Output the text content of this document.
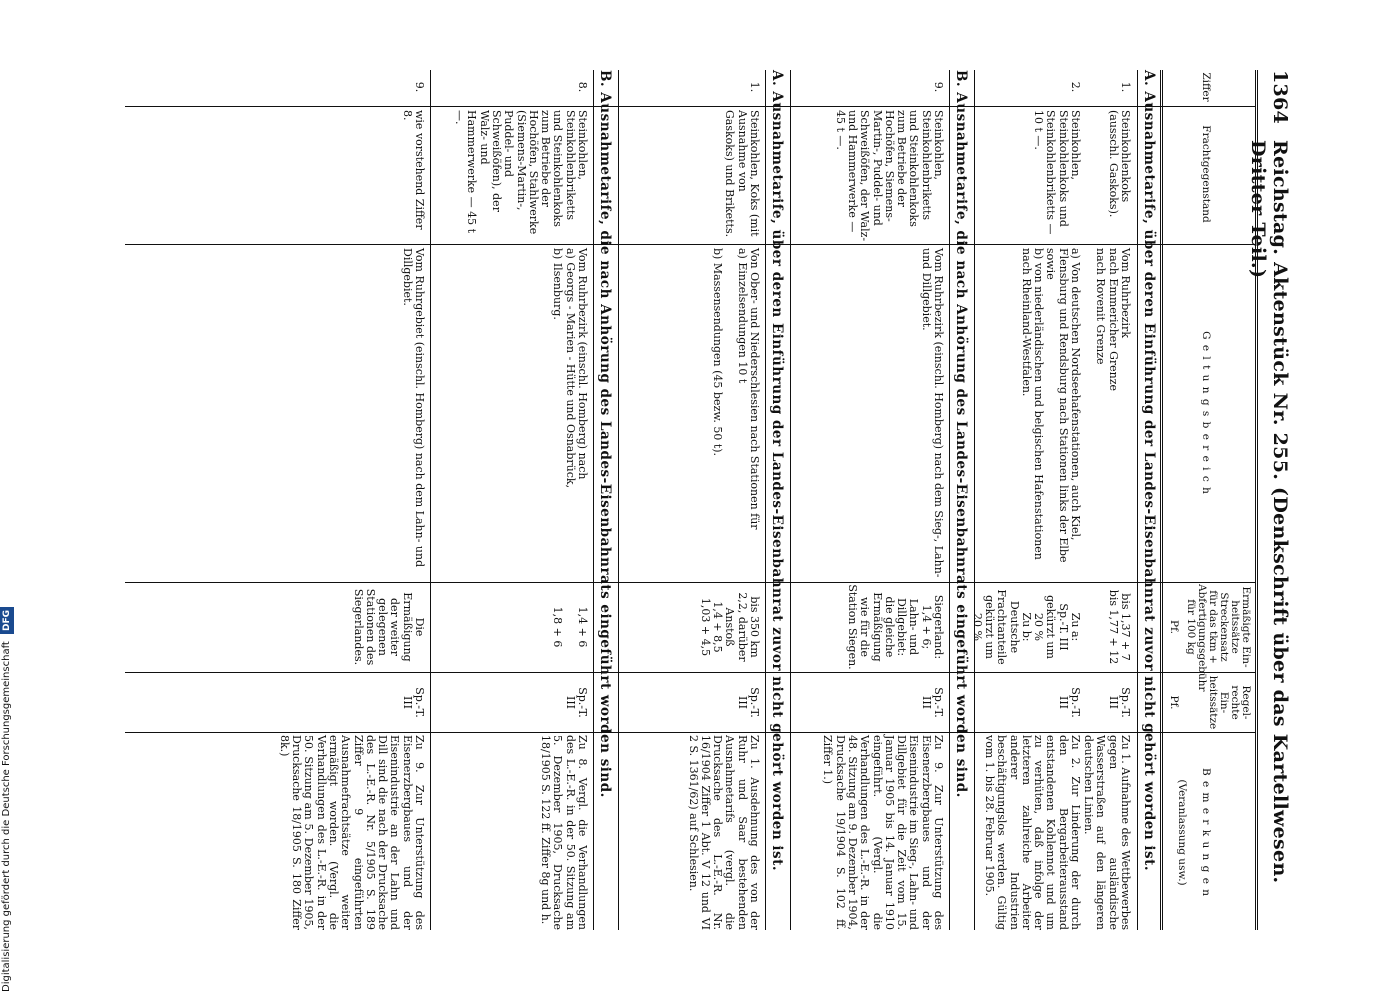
1364
Reichstag. Aktenstück Nr. 255. (Denkschrift über das Kartellwesen. Dritter Teil.)
Ziffer
Frachtgegenstand
G e l t u n g s b e r e i c h
Ermäßigte Ein- heitssätze Streckensatz für das tkm + Abfertigungsgebühr für 100 kg
Regel- rechte Ein- heitssätze
Pf.
Pf.
B e m e r k u n g e n
(Veranlassung usw.)
A. Ausnahmetarife, über deren Einführung der Landes-Eisenbahnrat zuvor nicht gehört worden ist.
1.
Steinkohlenkoks (ausschl. Gaskoks).
Vom Ruhrbezirk
nach Emmericher Grenze
nach Rovenit Grenze
bis 1,37 + 7
bis 1,77 + 12
Sp.-T.
III
Zu 1. Aufnahme des Wettbewerbes gegen ausländische Wasserstraßen auf den längeren deutschen Linien.
2.
Steinkohlen, Steinkohlenkoks und Steinkohlenbriketts — 10 t —.
a) Von deutschen Nordseehafenstationen, auch Kiel, Flensburg und Rendsburg nach Stationen links der Elbe sowie
b) von niederländischen und belgischen Hafenstationen nach Rheinland-Westfalen.
Zu a:
Sp.-T. III gekürzt um
20 %
Zu b:
Deutsche Frachtanteile gekürzt um
20 %
Sp.-T.
III
Zu 2. Zur Linderung der durch den Bergarbeiterausstand entstandenen Kohlennot und um zu verhüten, daß infolge der letzteren zahlreiche Arbeiter anderer Industrien beschäftigungslos werden. Gültig vom 1. bis 28. Februar 1905.
B. Ausnahmetarife, die nach Anhörung des Landes-Eisenbahnrats eingeführt worden sind.
9.
Steinkohlen, Steinkohlenbriketts und Steinkohlenkoks zum Betriebe der Hochöfen, Siemens-Martin-, Puddel- und Schweißöfen, der Walz- und Hammerwerke — 45 t —.
Vom Ruhrbezirk (einschl. Homberg) nach dem Sieg-, Lahn- und Dillgebiet.
Siegerland:
1,4 + 6;
Lahn- und Dillgebiet:
die gleiche Ermäßigung wie für die Station Siegen.
Sp.-T.
III
Zu 9. Zur Unterstützung des Eisenerzbergbaues und der Eisenindustrie im Sieg-, Lahn- und Dillgebiet für die Zeit vom 15. Januar 1905 bis 14. Januar 1910 eingeführt. (Vergl. die Verhandlungen des L.-E.-R. in der 48. Sitzung am 9. Dezember 1904, Drucksache 19/1904 S. 102 ff. Ziffer 1.)
A. Ausnahmetarife, über deren Einführung der Landes-Eisenbahnrat zuvor nicht gehört worden ist.
1.
Steinkohlen, Koks (mit Ausnahme von Gaskoks) und Briketts.
Von Ober- und Niederschlesien nach Stationen für
a) Einzelsendungen 10 t

b) Massensendungen (45 bezw. 50 t).
bis 350 km
2,2, darüber
Anstoß
1,4 + 8,5
1,03 + 4,5
Sp.-T.
III
Zu 1. Ausdehnung des von der Ruhr und Saar bestehenden Ausnahmetarifs (vergl. die Drucksache des L.-E.-R. Nr. 16/1904 Ziffer 1 Abt. V 12 und VI 2 S. 1361/62) auf Schlesien.
B. Ausnahmetarife, die nach Anhörung des Landes-Eisenbahnrats eingeführt worden sind.
8.
Steinkohlen, Steinkohlenbriketts und Steinkohlenkoks zum Betriebe der Hochöfen, Stahlwerke (Siemens-Martin-, Puddel- und Schweißöfen), der Walz- und Hammerwerke — 45 t —.
Vom Ruhrbezirk (einschl. Homberg) nach
a) Georgs - Marien - Hütte und Osnabrück,
b) Ilsenburg.
1,4 + 6

1,8 + 6
Sp.-T.
III
Zu 8. Vergl. die Verhandlungen des L.-E.-R. in der 50. Sitzung am 5. Dezember 1905, Drucksache 18/1905 S. 122 ff. Ziffer 8g und h.
9.
wie vorstehend Ziffer 8.
Vom Ruhrgebiet (einschl. Homberg) nach dem Lahn- und Dillgebiet.
Die Ermäßigung der weiter gelegenen Stationen des Siegerlandes.
Sp.-T.
III
Zu 9. Zur Unterstützung des Eisenerzbergbaues und der Eisenindustrie an der Lahn und Dill sind die nach der Drucksache des L.-E.-R. Nr. 5/1905 S. 189 Ziffer 9 eingeführten Ausnahmefrachtsätze weiter ermäßigt worden. (Vergl. die Verhandlungen des L.-E.-R. in der 50. Sitzung am 5. Dezember 1905, Drucksache 18/1905 S. 180 Ziffer 8k.)
Digitalisierung gefördert durch die Deutsche Forschungsgemeinschaft DFG
